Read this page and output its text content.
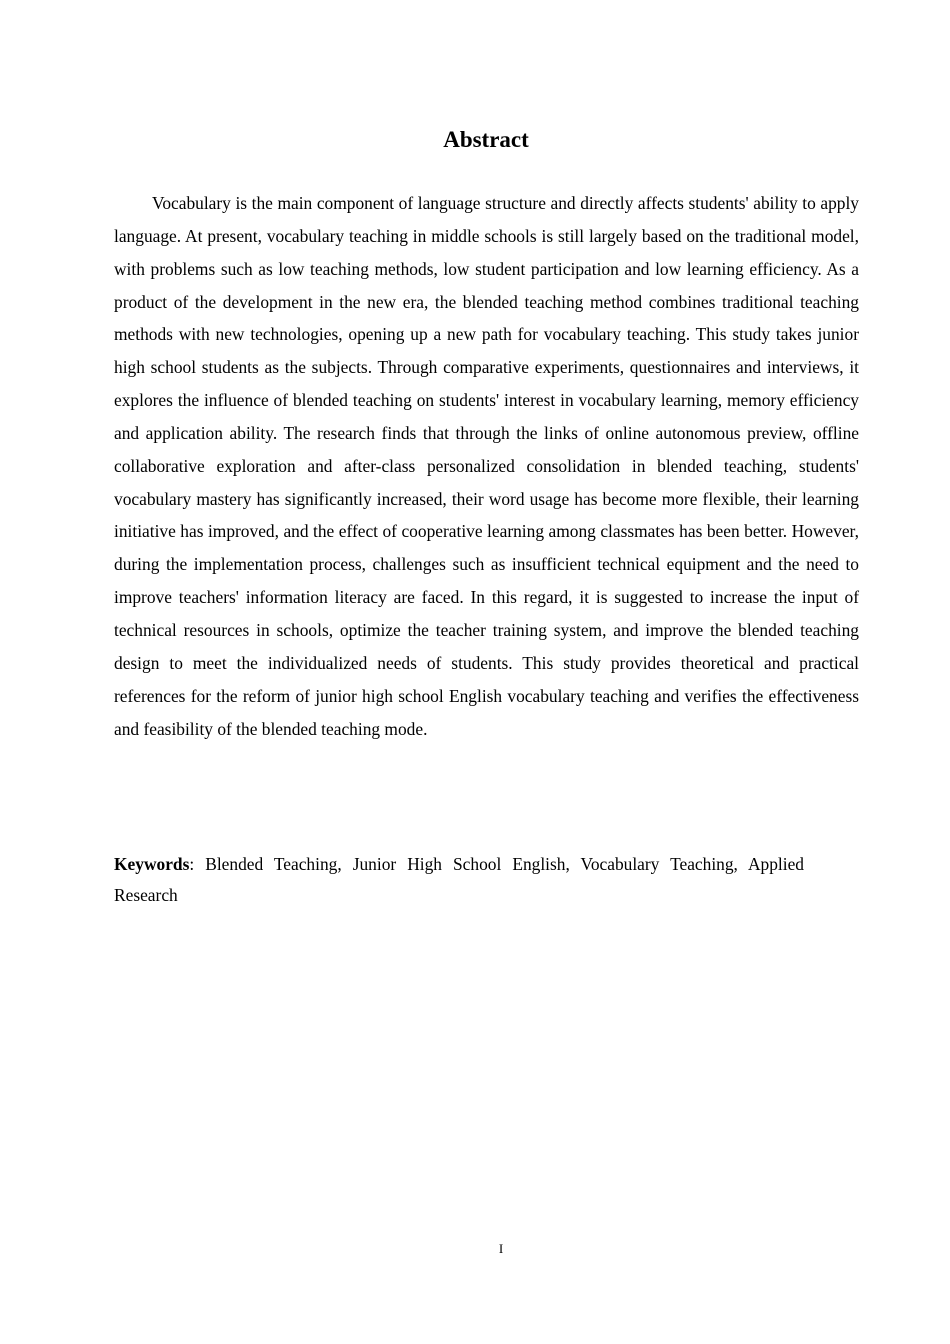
Abstract

Vocabulary is the main component of language structure and directly affects students' ability to apply language. At present, vocabulary teaching in middle schools is still largely based on the traditional model, with problems such as low teaching methods, low student participation and low learning efficiency. As a product of the development in the new era, the blended teaching method combines traditional teaching methods with new technologies, opening up a new path for vocabulary teaching. This study takes junior high school students as the subjects. Through comparative experiments, questionnaires and interviews, it explores the influence of blended teaching on students' interest in vocabulary learning, memory efficiency and application ability. The research finds that through the links of online autonomous preview, offline collaborative exploration and after-class personalized consolidation in blended teaching, students' vocabulary mastery has significantly increased, their word usage has become more flexible, their learning initiative has improved, and the effect of cooperative learning among classmates has been better. However, during the implementation process, challenges such as insufficient technical equipment and the need to improve teachers' information literacy are faced. In this regard, it is suggested to increase the input of technical resources in schools, optimize the teacher training system, and improve the blended teaching design to meet the individualized needs of students. This study provides theoretical and practical references for the reform of junior high school English vocabulary teaching and verifies the effectiveness and feasibility of the blended teaching mode.

Keywords: Blended Teaching, Junior High School English, Vocabulary Teaching, Applied Research

I
